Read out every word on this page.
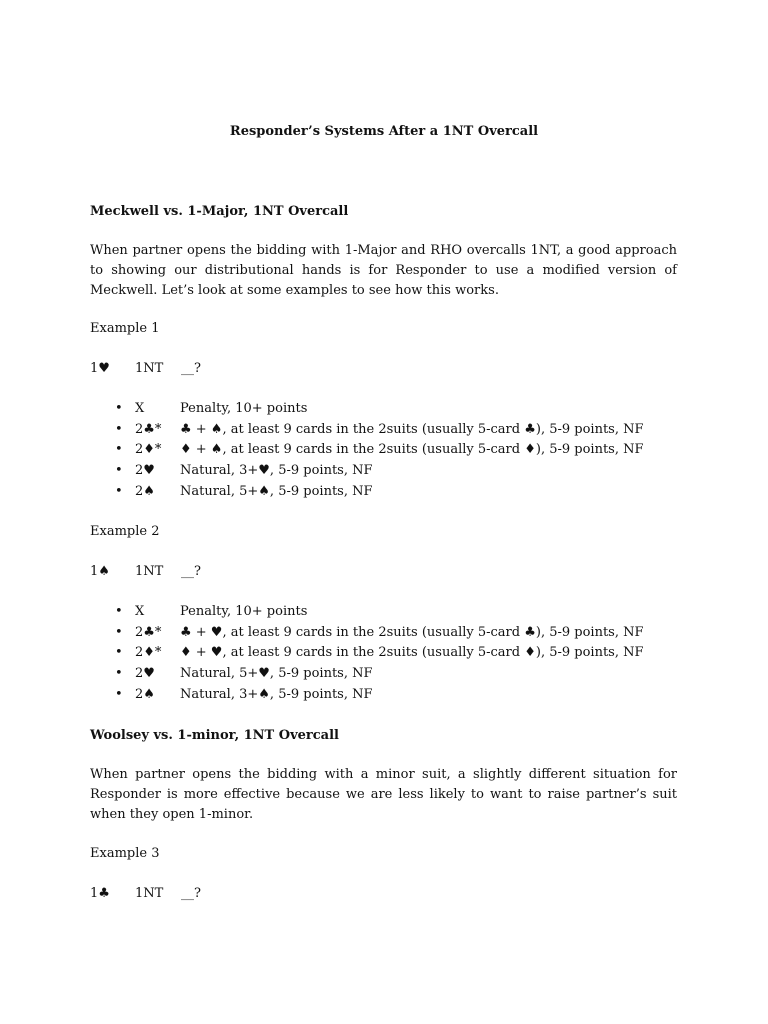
Responder’s Systems After a 1NT Overcall
Meckwell vs. 1-Major, 1NT Overcall
When partner opens the bidding with 1-Major and RHO overcalls 1NT, a good approach to showing our distributional hands is for Responder to use a modified version of Meckwell. Let’s look at some examples to see how this works.
Example 1
1♥ 1NT __?
• X	Penalty, 10+ points
• 2♣* ♣ + ♠, at least 9 cards in the 2suits (usually 5-card ♣), 5-9 points, NF
• 2♦* ♦ + ♠, at least 9 cards in the 2suits (usually 5-card ♦), 5-9 points, NF
• 2♥ Natural, 3+♥, 5-9 points, NF
• 2♠ Natural, 5+♠, 5-9 points, NF
Example 2
1♠ 1NT __?
• X	Penalty, 10+ points
• 2♣* ♣ + ♥, at least 9 cards in the 2suits (usually 5-card ♣), 5-9 points, NF
• 2♦* ♦ + ♥, at least 9 cards in the 2suits (usually 5-card ♦), 5-9 points, NF
• 2♥ Natural, 5+♥, 5-9 points, NF
• 2♠ Natural, 3+♠, 5-9 points, NF
Woolsey vs. 1-minor, 1NT Overcall
When partner opens the bidding with a minor suit, a slightly different situation for Responder is more effective because we are less likely to want to raise partner’s suit when they open 1-minor.
Example 3
1♣ 1NT __?
